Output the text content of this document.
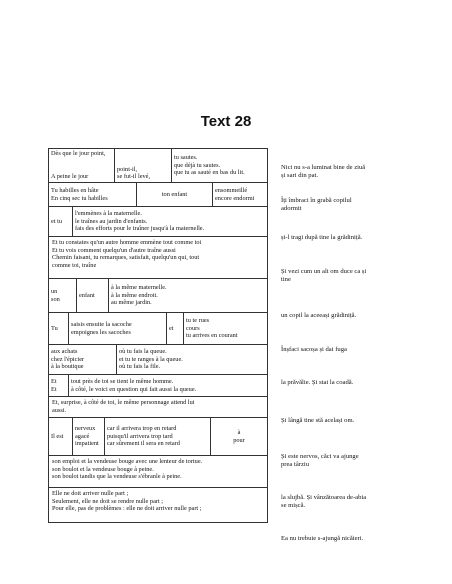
Text 28
Dès que le jour point,
A peine le jour
point-il,
se fut-il levé,
tu sautes.
que déjà tu sautes.
que tu as sauté en bas du lit.
Tu habilles en hâte
En cinq sec tu habilles
ton enfant
ensommeillé
encore endormi
et tu
l'emmènes à la maternelle.
le traînes au jardin d'enfants.
fais des efforts pour le traîner jusqu'à la maternelle.
Et tu constates qu'un autre homme emmène tout comme toi
Et tu vois comment quelqu'un d'autre traîne aussi
Chemin faisant, tu remarques, satisfait, quelqu'un qui, tout
comme toi, traîne
un
son
enfant
à la même maternelle.
à la même endroit.
au même jardin.
Tu
saisis ensuite la sacoche
empoignes les sacoches
et
tu te rues
cours
tu arrives en courant
aux achats
chez l'épicier
à la boutique
où tu fais la queue.
et tu te ranges à la queue.
où tu fais la file.
Et
Et
tout près de toi se tient le même homme.
à côté, le voici en question qui fait aussi la queue.
Et, surprise, à côté de toi, le même personnage attend lui
aussi.
Il est
nerveux
agacé
impatient
car il arrivera trop en retard
puisqu'il arrivera trop tard
car sûrement il sera en retard
à
pour
son emploi et la vendeuse bouge avec une lenteur de tortue.
son boulot et la vendeuse bouge à peine.
son boulot tandis que la vendeuse s'ébranle à peine.
Elle ne doit arriver nulle part ;
Seulement, elle ne doit se rendre nulle part ;
Pour elle, pas de problèmes : elle ne doit arriver nulle part ;
Nici nu s-a luminat bine de ziuă
și sari din pat.
Îți îmbraci în grabă copilul
adormit
și-l tragi după tine la grădiniță.
Și vezi cum un alt om duce ca și
tine
un copil la aceeași grădiniță.
Înșfaci sacoșa și dai fuga
la prăvălie. Și stai la coadă.
Și lângă tine stă același om.
Și este nervos, căci va ajunge
prea târziu
la slujbă. Și vânzătoarea de-abia
se mișcă.
Ea nu trebuie s-ajungă nicăieri.
